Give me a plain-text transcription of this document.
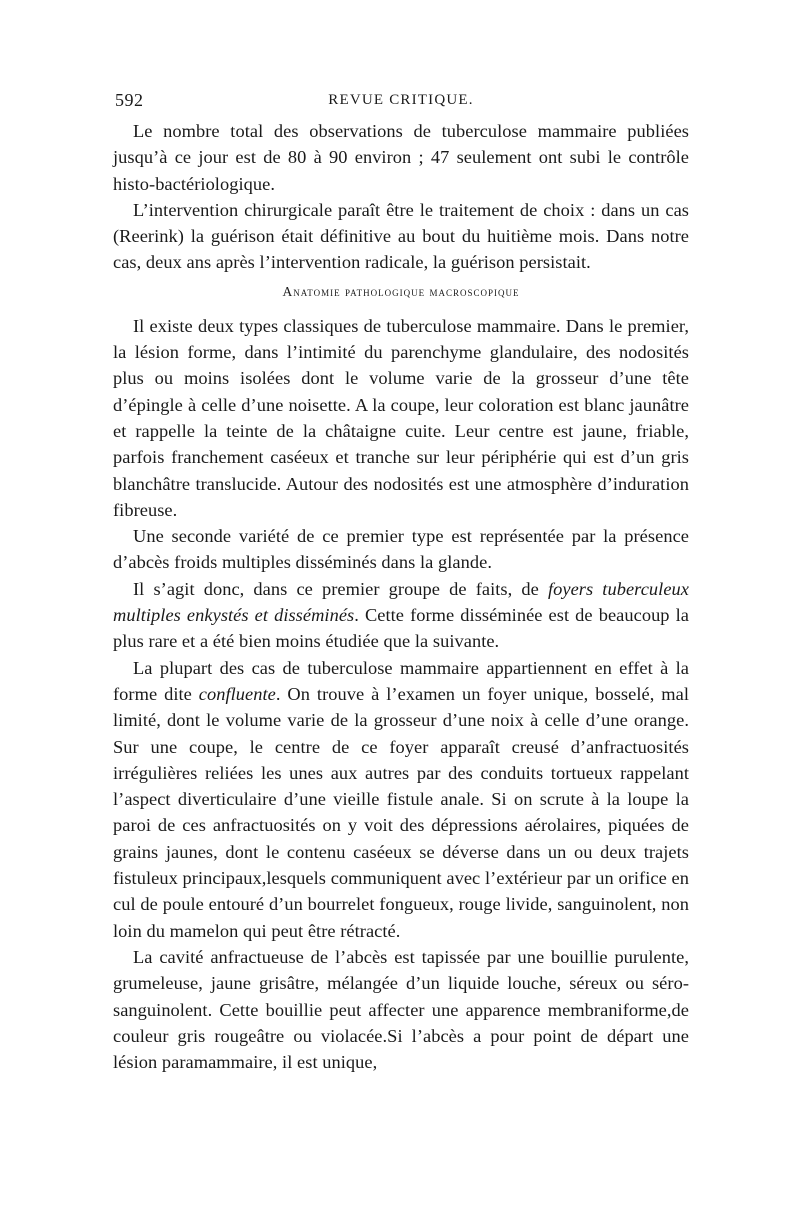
592	REVUE CRITIQUE.

Le nombre total des observations de tuberculose mammaire publiées jusqu’à ce jour est de 80 à 90 environ ; 47 seulement ont subi le contrôle histo-bactériologique.

L’intervention chirurgicale paraît être le traitement de choix : dans un cas (Reerink) la guérison était définitive au bout du huitième mois. Dans notre cas, deux ans après l’intervention radicale, la guérison persistait.

Anatomie pathologique macroscopique

Il existe deux types classiques de tuberculose mammaire. Dans le premier, la lésion forme, dans l’intimité du parenchyme glandulaire, des nodosités plus ou moins isolées dont le volume varie de la grosseur d’une tête d’épingle à celle d’une noisette. A la coupe, leur coloration est blanc jaunâtre et rappelle la teinte de la châtaigne cuite. Leur centre est jaune, friable, parfois franchement caséeux et tranche sur leur périphérie qui est d’un gris blanchâtre translucide. Autour des nodosités est une atmosphère d’induration fibreuse.

Une seconde variété de ce premier type est représentée par la présence d’abcès froids multiples disséminés dans la glande.

Il s’agit donc, dans ce premier groupe de faits, de foyers tuberculeux multiples enkystés et disséminés. Cette forme disséminée est de beaucoup la plus rare et a été bien moins étudiée que la suivante.

La plupart des cas de tuberculose mammaire appartiennent en effet à la forme dite confluente. On trouve à l’examen un foyer unique, bosselé, mal limité, dont le volume varie de la grosseur d’une noix à celle d’une orange. Sur une coupe, le centre de ce foyer apparaît creusé d’anfractuosités irrégulières reliées les unes aux autres par des conduits tortueux rappelant l’aspect diverticulaire d’une vieille fistule anale. Si on scrute à la loupe la paroi de ces anfractuosités on y voit des dépressions aérolaires, piquées de grains jaunes, dont le contenu caséeux se déverse dans un ou deux trajets fistuleux principaux,lesquels communiquent avec l’extérieur par un orifice en cul de poule entouré d’un bourrelet fongueux, rouge livide, sanguinolent, non loin du mamelon qui peut être rétracté.

La cavité anfractueuse de l’abcès est tapissée par une bouillie purulente, grumeleuse, jaune grisâtre, mélangée d’un liquide louche, séreux ou séro-sanguinolent. Cette bouillie peut affecter une apparence membraniforme,de couleur gris rougeâtre ou violacée.Si l’abcès a pour point de départ une lésion paramammaire, il est unique,
